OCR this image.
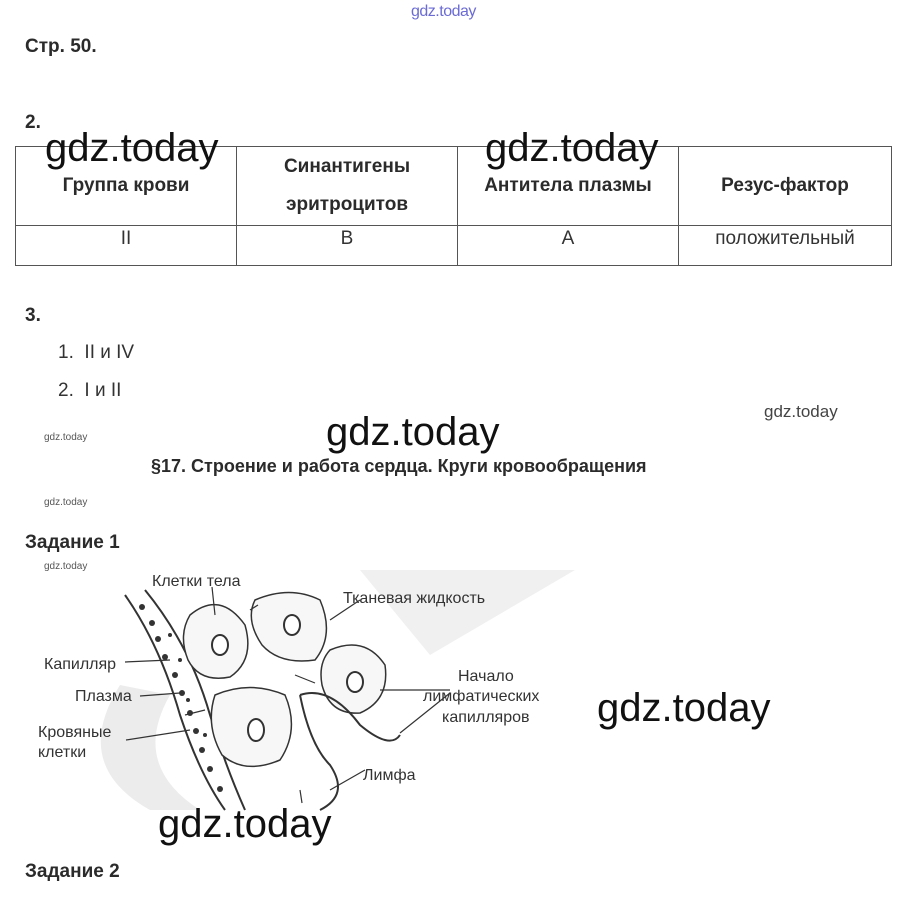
gdz.today
Стр. 50.
2.
Группа крови	Синантигены эритроцитов	Антитела плазмы	Резус-фактор
II	B	A	положительный
gdz.today	gdz.today
3.
1. II и IV
2. I и II
gdz.today
gdz.today	gdz.today
§17. Строение и работа сердца. Круги кровообращения
gdz.today
Задание 1
gdz.today
Клетки тела
Тканевая жидкость
Капилляр
Начало
Плазма	лимфатических
капилляров
Кровяные
клетки
Лимфа
gdz.today
gdz.today
Задание 2
